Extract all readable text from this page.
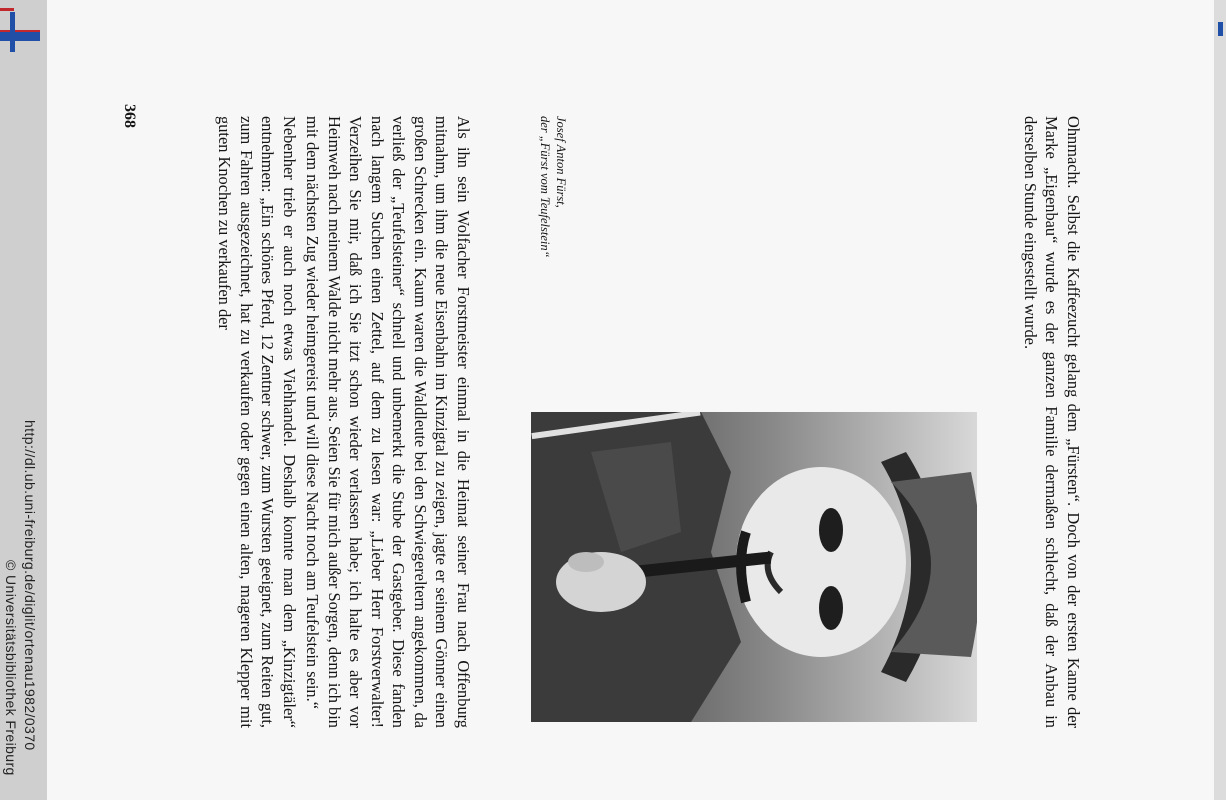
http://dl.ub.uni-freiburg.de/diglit/ortenau1982/0370
© Universitätsbibliothek Freiburg	Ohnmacht. Selbst die Kaffeezucht gelang dem „Fürsten“. Doch von der ersten Kanne der Marke „Eigenbau“ wurde es der ganzen Familie dermaßen schlecht, daß der Anbau in derselben Stunde eingestellt wurde.

Josef Anton Fürst,
der „Fürst vom Teufelstein“

Als ihn sein Wolfacher Forstmeister einmal in die Heimat seiner Frau nach Offenburg mitnahm, um ihm die neue Eisenbahn im Kinzigtal zu zeigen, jagte er seinem Gönner einen großen Schrecken ein. Kaum waren die Waldleute bei den Schwiegereltern angekommen, da verließ der „Teufelsteiner“ schnell und unbemerkt die Stube der Gastgeber. Diese fanden nach langem Suchen einen Zettel, auf dem zu lesen war: „Lieber Herr Forstverwalter! Verzeihen Sie mir, daß ich Sie itzt schon wieder verlassen habe; ich halte es aber vor Heimweh nach meinem Walde nicht mehr aus. Seien Sie für mich außer Sorgen, denn ich bin mit dem nächsten Zug wieder heimgereist und will diese Nacht noch am Teufelstein sein.“

Nebenher trieb er auch noch etwas Viehhandel. Deshalb konnte man dem „Kinzigtäler“ entnehmen: „Ein schönes Pferd, 12 Zentner schwer, zum Wursten geeignet, zum Reiten gut, zum Fahren ausgezeichnet, hat zu verkaufen oder gegen einen alten, mageren Klepper mit guten Knochen zu verkaufen der

368
